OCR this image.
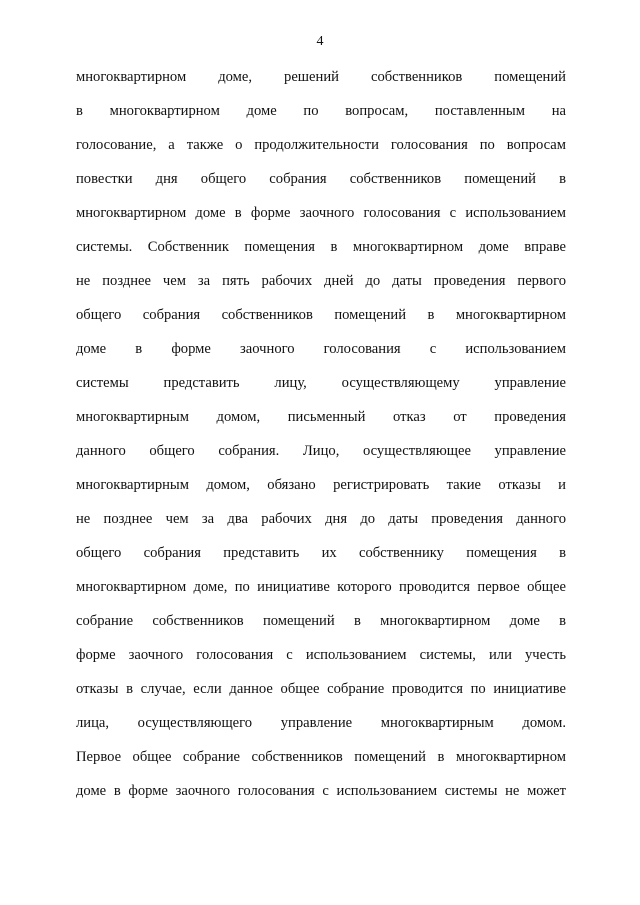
4
многоквартирном доме, решений собственников помещений
в многоквартирном доме по вопросам, поставленным на
голосование, а также о продолжительности голосования по вопросам
повестки дня общего собрания собственников помещений в
многоквартирном доме в форме заочного голосования с использованием
системы. Собственник помещения в многоквартирном доме вправе
не позднее чем за пять рабочих дней до даты проведения первого
общего собрания собственников помещений в многоквартирном
доме в форме заочного голосования с использованием
системы представить лицу, осуществляющему управление
многоквартирным домом, письменный отказ от проведения
данного общего собрания. Лицо, осуществляющее управление
многоквартирным домом, обязано регистрировать такие отказы и
не позднее чем за два рабочих дня до даты проведения данного
общего собрания представить их собственнику помещения в
многоквартирном доме, по инициативе которого проводится первое общее
собрание собственников помещений в многоквартирном доме в
форме заочного голосования с использованием системы, или учесть
отказы в случае, если данное общее собрание проводится по инициативе
лица, осуществляющего управление многоквартирным домом.
Первое общее собрание собственников помещений в многоквартирном
доме в форме заочного голосования с использованием системы не может
